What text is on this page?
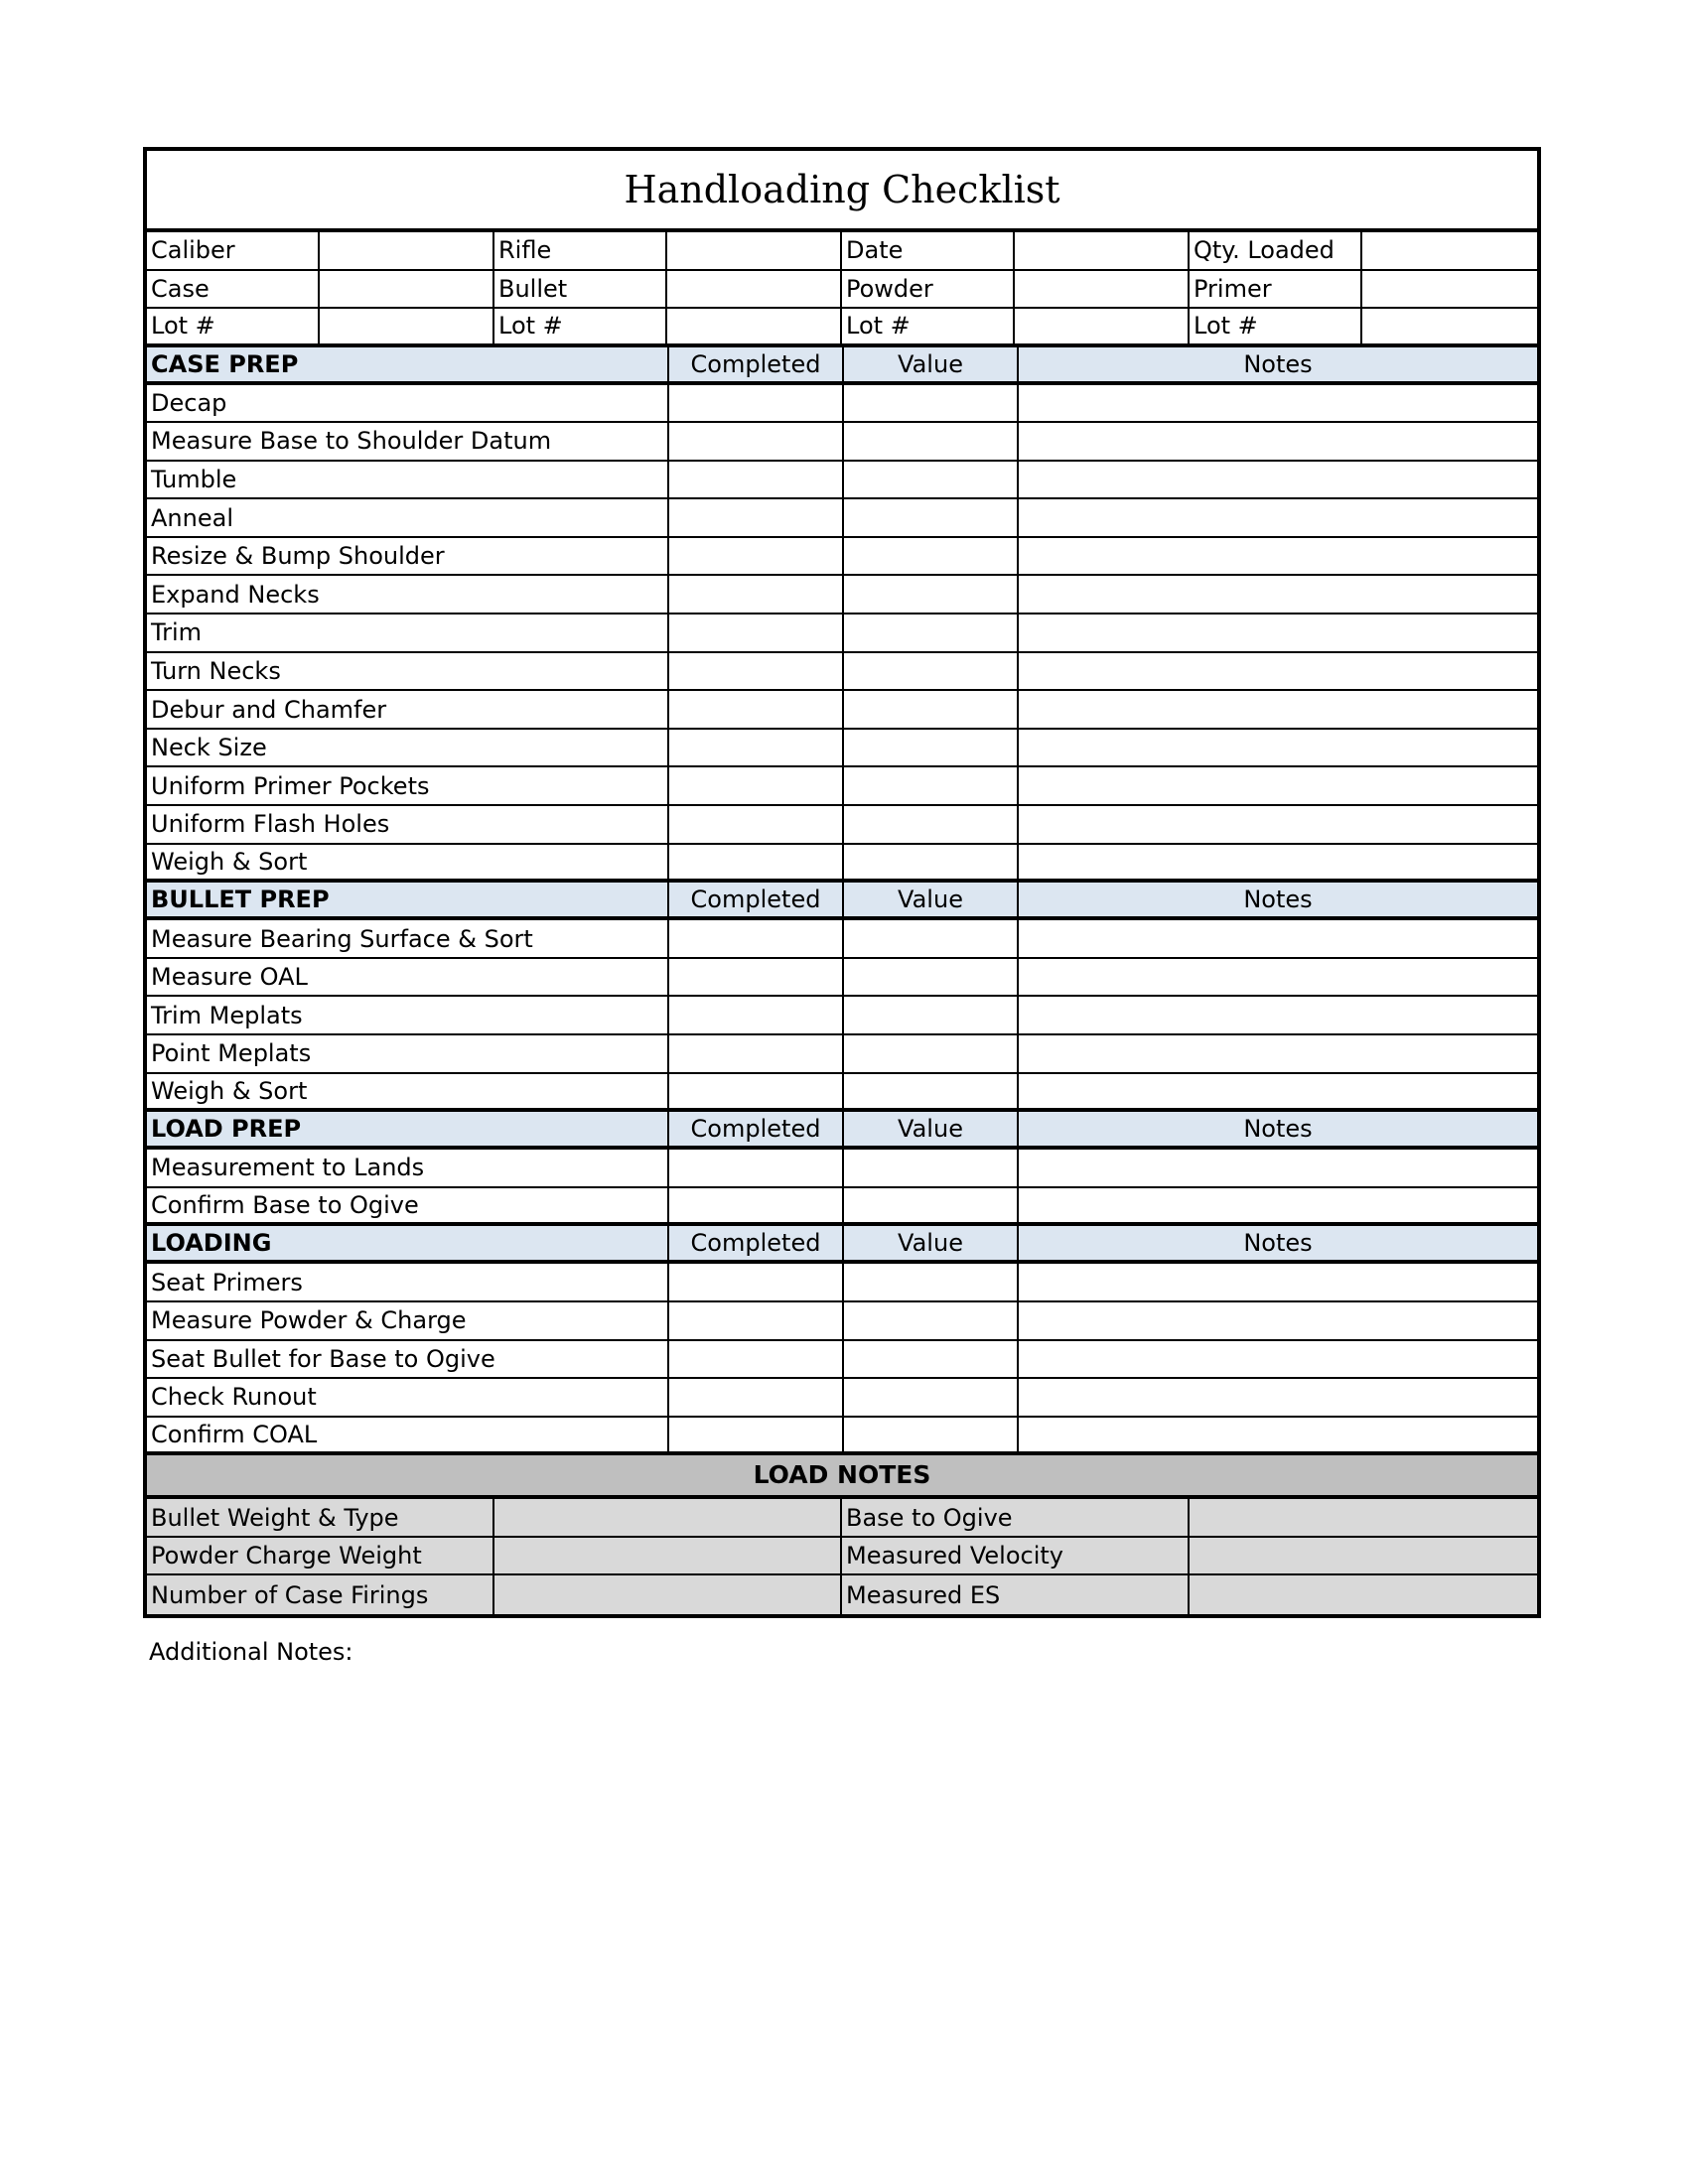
Handloading Checklist
Caliber	Rifle	Date	Qty. Loaded
Case	Bullet	Powder	Primer
Lot #	Lot #	Lot #	Lot #
CASE PREP	Completed	Value	Notes
Decap
Measure Base to Shoulder Datum
Tumble
Anneal
Resize & Bump Shoulder
Expand Necks
Trim
Turn Necks
Debur and Chamfer
Neck Size
Uniform Primer Pockets
Uniform Flash Holes
Weigh & Sort
BULLET PREP	Completed	Value	Notes
Measure Bearing Surface & Sort
Measure OAL
Trim Meplats
Point Meplats
Weigh & Sort
LOAD PREP	Completed	Value	Notes
Measurement to Lands
Confirm Base to Ogive
LOADING	Completed	Value	Notes
Seat Primers
Measure Powder & Charge
Seat Bullet for Base to Ogive
Check Runout
Confirm COAL
LOAD NOTES
Bullet Weight & Type	Base to Ogive
Powder Charge Weight	Measured Velocity
Number of Case Firings	Measured ES
Additional Notes:
